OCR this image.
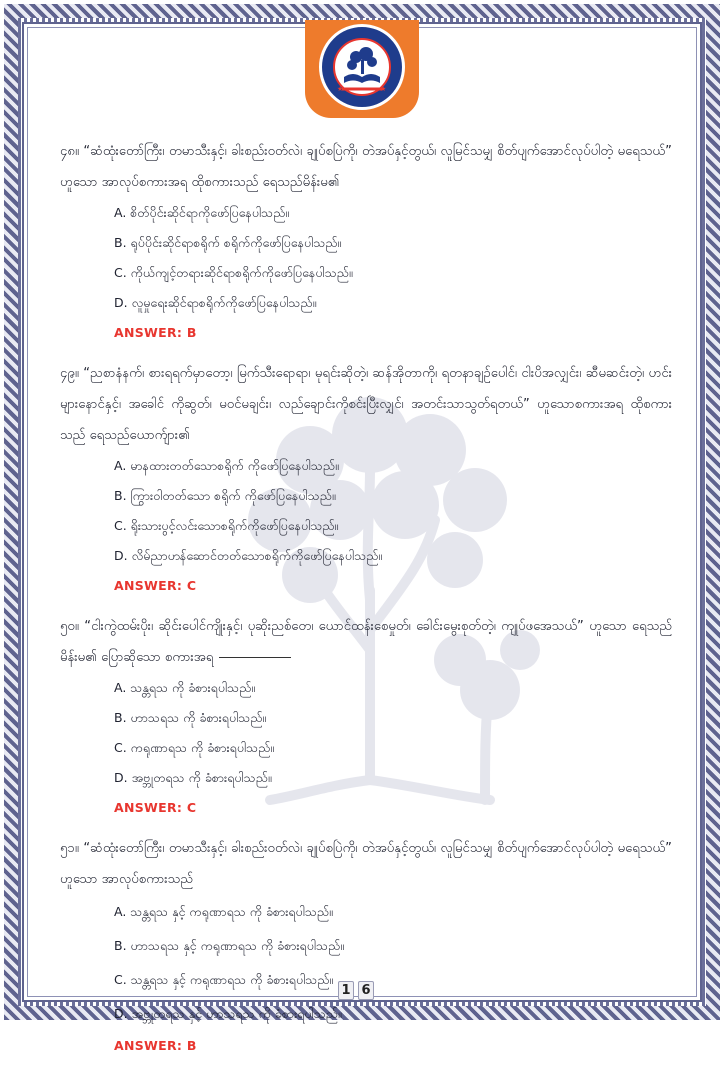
★	★

၄၈။ “ဆံထုံးတော်ကြီး၊ တမာသီးနှင့်၊ ခါးစည်းဝတ်လဲ၊ ချုပ်စပြဲကို၊ တဲအပ်နှင့်တွယ်၊ လူမြင်သမျှ စိတ်ပျက်အောင်လုပ်ပါတဲ့ မရေသယ်” ဟူသော အာလုပ်စကားအရ ထိုစကားသည် ရေသည်မိန်းမ၏

A. စိတ်ပိုင်းဆိုင်ရာကိုဖော်ပြနေပါသည်။
B. ရုပ်ပိုင်းဆိုင်ရာစရိုက် စရိုက်ကိုဖော်ပြနေပါသည်။
C. ကိုယ်ကျင့်တရားဆိုင်ရာစရိုက်ကိုဖော်ပြနေပါသည်။
D. လူမှုရေးဆိုင်ရာစရိုက်ကိုဖော်ပြနေပါသည်။
ANSWER: B

၄၉။ “ညစာနံနက်၊ စားရရက်မှာတော့၊ မြက်သီးရောရာ၊ မုရင်းဆိုတဲ့၊ ဆန်အိုတာကို၊ ရတနာချဉ်ပေါင်၊ ငါးပိအလျှင်း၊ ဆီမဆင်းတဲ့၊ ဟင်းများနောင်နှင့်၊ အခေါင် ကိုဆွတ်၊ မဝင်မချင်း၊ လည်ချောင်းကိုစင်းပြီးလျှင်၊ အတင်းသာသွတ်ရတယ်” ဟူသောစကားအရ ထိုစကားသည် ရေသည်ယောက်ျား၏

A. မာနထားတတ်သောစရိုက် ကိုဖော်ပြနေပါသည်။
B. ကြွားဝါတတ်သော စရိုက် ကိုဖော်ပြနေပါသည်။
C. ရိုးသားပွင့်လင်းသောစရိုက်ကိုဖော်ပြနေပါသည်။
D. လိမ်ညာဟန်ဆောင်တတ်သောစရိုက်ကိုဖော်ပြနေပါသည်။
ANSWER: C

၅၀။ “ငါးကွဲထမ်းပိုး၊ ဆိုင်းပေါင်ကျိုးနှင့်၊ ပုဆိုးညစ်တေ၊ ယောင်ထန်းစေမှုတ်၊ ခေါင်းမွေးစုတ်တဲ့၊ ကျုပ်ဖအေသယ်” ဟူသော ရေသည် မိန်းမ၏ ပြောဆိုသော စကားအရ

A. သန္တရသ ကို ခံစားရပါသည်။
B. ဟာသရသ ကို ခံစားရပါသည်။
C. ကရုဏာရသ ကို ခံစားရပါသည်။
D. အဗ္ဘုတရသ ကို ခံစားရပါသည်။
ANSWER: C

၅၁။ “ဆံထုံးတော်ကြီး၊ တမာသီးနှင့်၊ ခါးစည်းဝတ်လဲ၊ ချုပ်စပြဲကို၊ တဲအပ်နှင့်တွယ်၊ လူမြင်သမျှ စိတ်ပျက်အောင်လုပ်ပါတဲ့ မရေသယ်” ဟူသော အာလုပ်စကားသည်

A. သန္တရသ နှင့် ကရုဏာရသ ကို ခံစားရပါသည်။
B. ဟာသရသ နှင့် ကရုဏာရသ ကို ခံစားရပါသည်။
C. သန္တရသ နှင့် ကရုဏာရသ ကို ခံစားရပါသည်။
D. အဗ္ဘုတရသ နှင့် ဟာသရသ ကို ခံစားရပါသည်။
ANSWER: B
1 6
